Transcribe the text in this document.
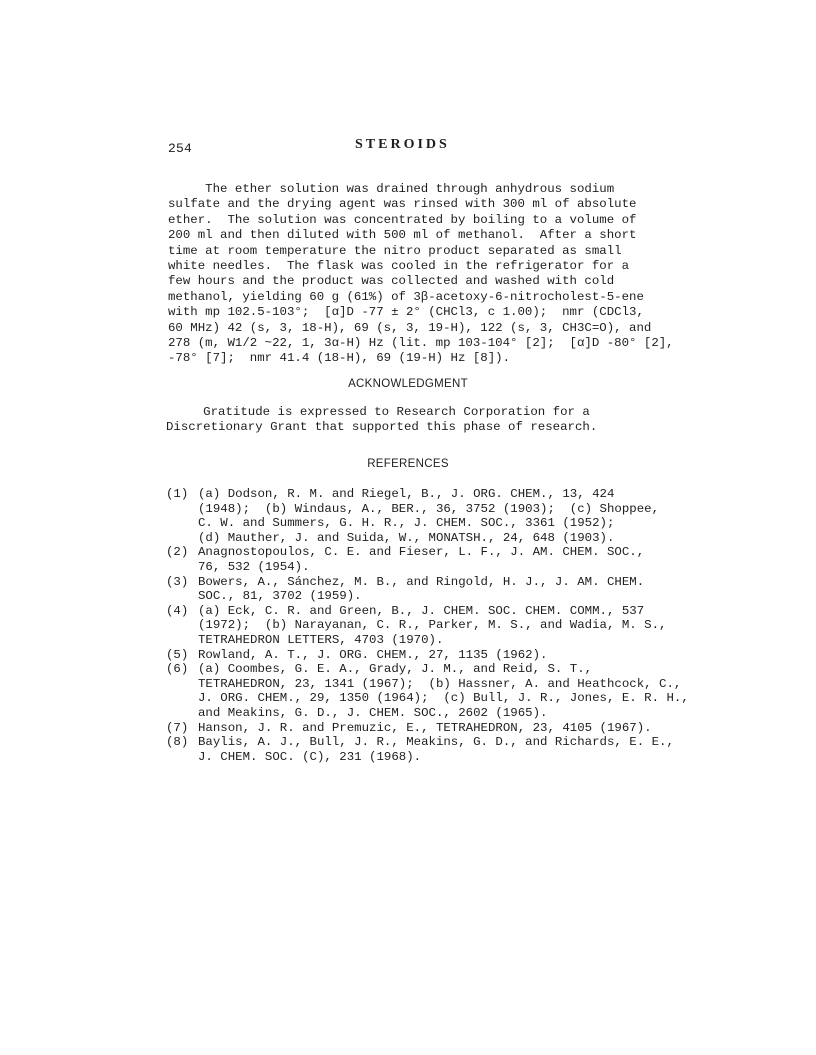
254	STEROIDS
The ether solution was drained through anhydrous sodium
sulfate and the drying agent was rinsed with 300 ml of absolute
ether.  The solution was concentrated by boiling to a volume of
200 ml and then diluted with 500 ml of methanol.  After a short
time at room temperature the nitro product separated as small
white needles.  The flask was cooled in the refrigerator for a
few hours and the product was collected and washed with cold
methanol, yielding 60 g (61%) of 3β-acetoxy-6-nitrocholest-5-ene
with mp 102.5-103°;  [α]D -77 ± 2° (CHCl3, c 1.00);  nmr (CDCl3,
60 MHz) 42 (s, 3, 18-H), 69 (s, 3, 19-H), 122 (s, 3, CH3C=O), and
278 (m, W1/2 ~22, 1, 3α-H) Hz (lit. mp 103-104° [2];  [α]D -80° [2],
-78° [7];  nmr 41.4 (18-H), 69 (19-H) Hz [8]).
ACKNOWLEDGMENT
Gratitude is expressed to Research Corporation for a
Discretionary Grant that supported this phase of research.
REFERENCES
(1) (a) Dodson, R. M. and Riegel, B., J. ORG. CHEM., 13, 424
(1948);  (b) Windaus, A., BER., 36, 3752 (1903);  (c) Shoppee,
C. W. and Summers, G. H. R., J. CHEM. SOC., 3361 (1952);
(d) Mauther, J. and Suida, W., MONATSH., 24, 648 (1903).
(2) Anagnostopoulos, C. E. and Fieser, L. F., J. AM. CHEM. SOC.,
76, 532 (1954).
(3) Bowers, A., Sánchez, M. B., and Ringold, H. J., J. AM. CHEM.
SOC., 81, 3702 (1959).
(4) (a) Eck, C. R. and Green, B., J. CHEM. SOC. CHEM. COMM., 537
(1972);  (b) Narayanan, C. R., Parker, M. S., and Wadia, M. S.,
TETRAHEDRON LETTERS, 4703 (1970).
(5) Rowland, A. T., J. ORG. CHEM., 27, 1135 (1962).
(6) (a) Coombes, G. E. A., Grady, J. M., and Reid, S. T.,
TETRAHEDRON, 23, 1341 (1967);  (b) Hassner, A. and Heathcock, C.,
J. ORG. CHEM., 29, 1350 (1964);  (c) Bull, J. R., Jones, E. R. H.,
and Meakins, G. D., J. CHEM. SOC., 2602 (1965).
(7) Hanson, J. R. and Premuzic, E., TETRAHEDRON, 23, 4105 (1967).
(8) Baylis, A. J., Bull, J. R., Meakins, G. D., and Richards, E. E.,
J. CHEM. SOC. (C), 231 (1968).
